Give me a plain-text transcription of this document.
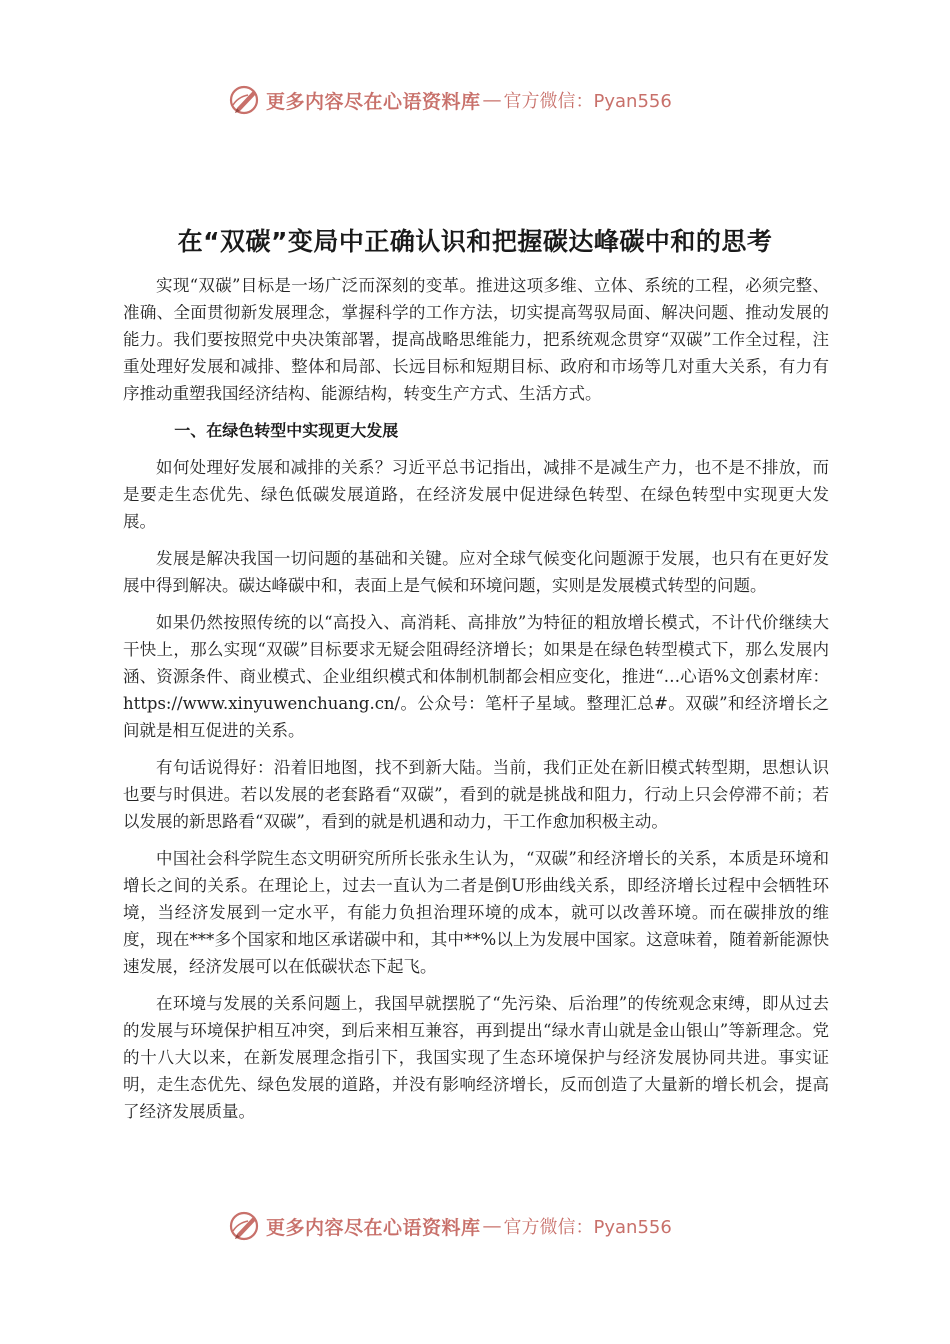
更多内容尽在心语资料库 — 官方微信：Pyan556
在“双碳”变局中正确认识和把握碳达峰碳中和的思考

实现“双碳”目标是一场广泛而深刻的变革。推进这项多维、立体、系统的工程，必须完整、准确、全面贯彻新发展理念，掌握科学的工作方法，切实提高驾驭局面、解决问题、推动发展的能力。我们要按照党中央决策部署，提高战略思维能力，把系统观念贯穿“双碳”工作全过程，注重处理好发展和减排、整体和局部、长远目标和短期目标、政府和市场等几对重大关系，有力有序推动重塑我国经济结构、能源结构，转变生产方式、生活方式。

一、在绿色转型中实现更大发展

如何处理好发展和减排的关系？习近平总书记指出，减排不是减生产力，也不是不排放，而是要走生态优先、绿色低碳发展道路，在经济发展中促进绿色转型、在绿色转型中实现更大发展。

发展是解决我国一切问题的基础和关键。应对全球气候变化问题源于发展，也只有在更好发展中得到解决。碳达峰碳中和，表面上是气候和环境问题，实则是发展模式转型的问题。

如果仍然按照传统的以“高投入、高消耗、高排放”为特征的粗放增长模式，不计代价继续大干快上，那么实现“双碳”目标要求无疑会阻碍经济增长；如果是在绿色转型模式下，那么发展内涵、资源条件、商业模式、企业组织模式和体制机制都会相应变化，推进“…心语%文创素材库：https://www.xinyuwenchuang.cn/。公众号：笔杆子星域。整理汇总#。双碳”和经济增长之间就是相互促进的关系。

有句话说得好：沿着旧地图，找不到新大陆。当前，我们正处在新旧模式转型期，思想认识也要与时俱进。若以发展的老套路看“双碳”，看到的就是挑战和阻力，行动上只会停滞不前；若以发展的新思路看“双碳”，看到的就是机遇和动力，干工作愈加积极主动。

中国社会科学院生态文明研究所所长张永生认为，“双碳”和经济增长的关系，本质是环境和增长之间的关系。在理论上，过去一直认为二者是倒U形曲线关系，即经济增长过程中会牺牲环境，当经济发展到一定水平，有能力负担治理环境的成本，就可以改善环境。而在碳排放的维度，现在***多个国家和地区承诺碳中和，其中**%以上为发展中国家。这意味着，随着新能源快速发展，经济发展可以在低碳状态下起飞。

在环境与发展的关系问题上，我国早就摆脱了“先污染、后治理”的传统观念束缚，即从过去的发展与环境保护相互冲突，到后来相互兼容，再到提出“绿水青山就是金山银山”等新理念。党的十八大以来，在新发展理念指引下，我国实现了生态环境保护与经济发展协同共进。事实证明，走生态优先、绿色发展的道路，并没有影响经济增长，反而创造了大量新的增长机会，提高了经济发展质量。

更多内容尽在心语资料库 — 官方微信：Pyan556
